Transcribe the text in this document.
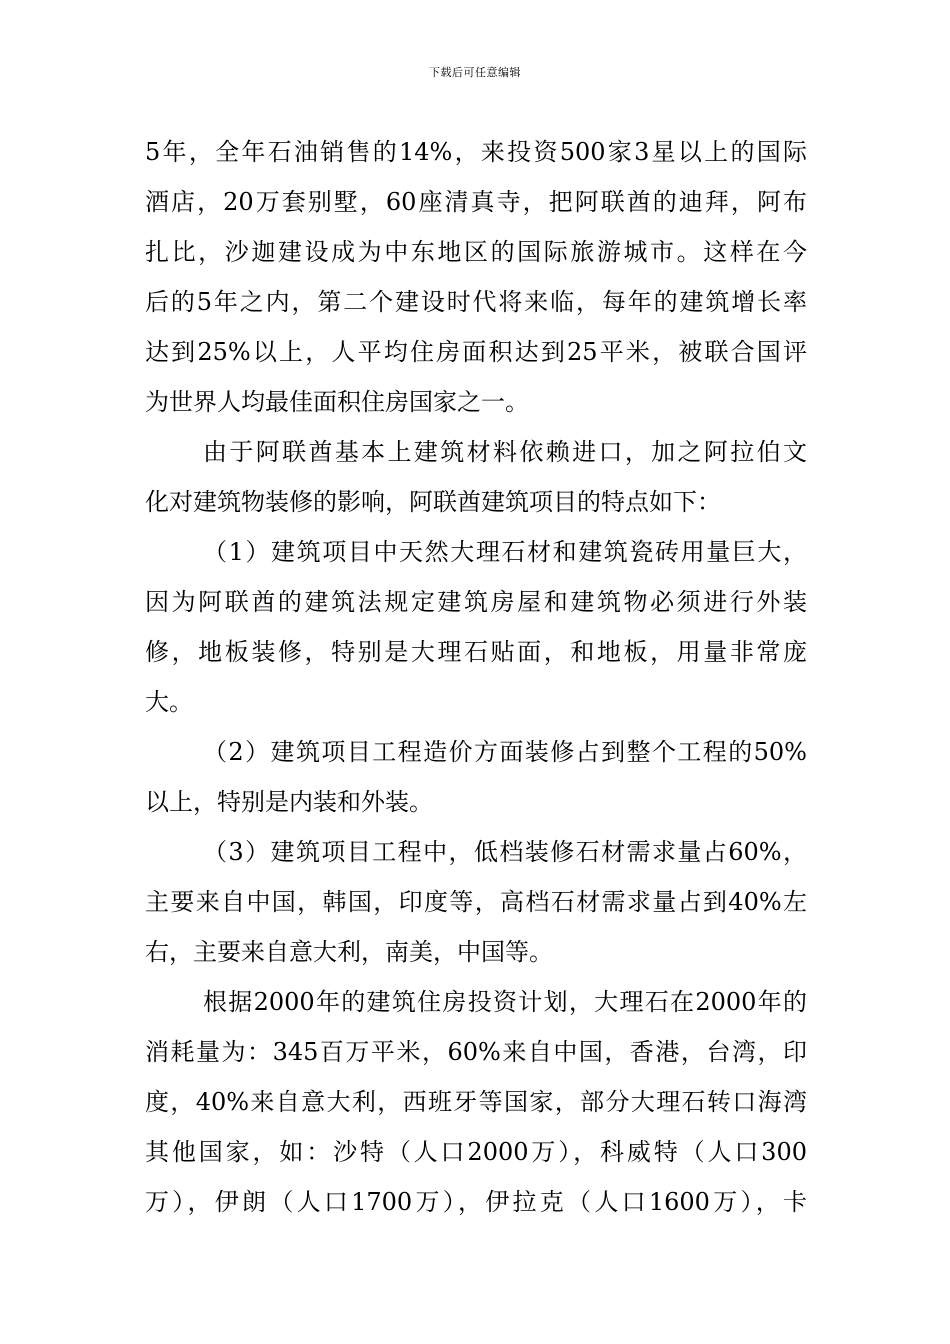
下载后可任意编辑
5年，全年石油销售的14%，来投资500家3星以上的国际
酒店，20万套别墅，60座清真寺，把阿联酋的迪拜，阿布
扎比，沙迦建设成为中东地区的国际旅游城市。这样在今
后的5年之内，第二个建设时代将来临，每年的建筑增长率
达到25%以上，人平均住房面积达到25平米，被联合国评
为世界人均最佳面积住房国家之一。
由于阿联酋基本上建筑材料依赖进口，加之阿拉伯文
化对建筑物装修的影响，阿联酋建筑项目的特点如下：
（1）建筑项目中天然大理石材和建筑瓷砖用量巨大，
因为阿联酋的建筑法规定建筑房屋和建筑物必须进行外装
修，地板装修，特别是大理石贴面，和地板，用量非常庞
大。
（2）建筑项目工程造价方面装修占到整个工程的50%
以上，特别是内装和外装。
（3）建筑项目工程中，低档装修石材需求量占60%，
主要来自中国，韩国，印度等，高档石材需求量占到40%左
右，主要来自意大利，南美，中国等。
根据2000年的建筑住房投资计划，大理石在2000年的
消耗量为：345百万平米，60%来自中国，香港，台湾，印
度，40%来自意大利，西班牙等国家，部分大理石转口海湾
其他国家，如：沙特（人口2000万），科威特（人口300
万），伊朗（人口1700万），伊拉克（人口1600万），卡
